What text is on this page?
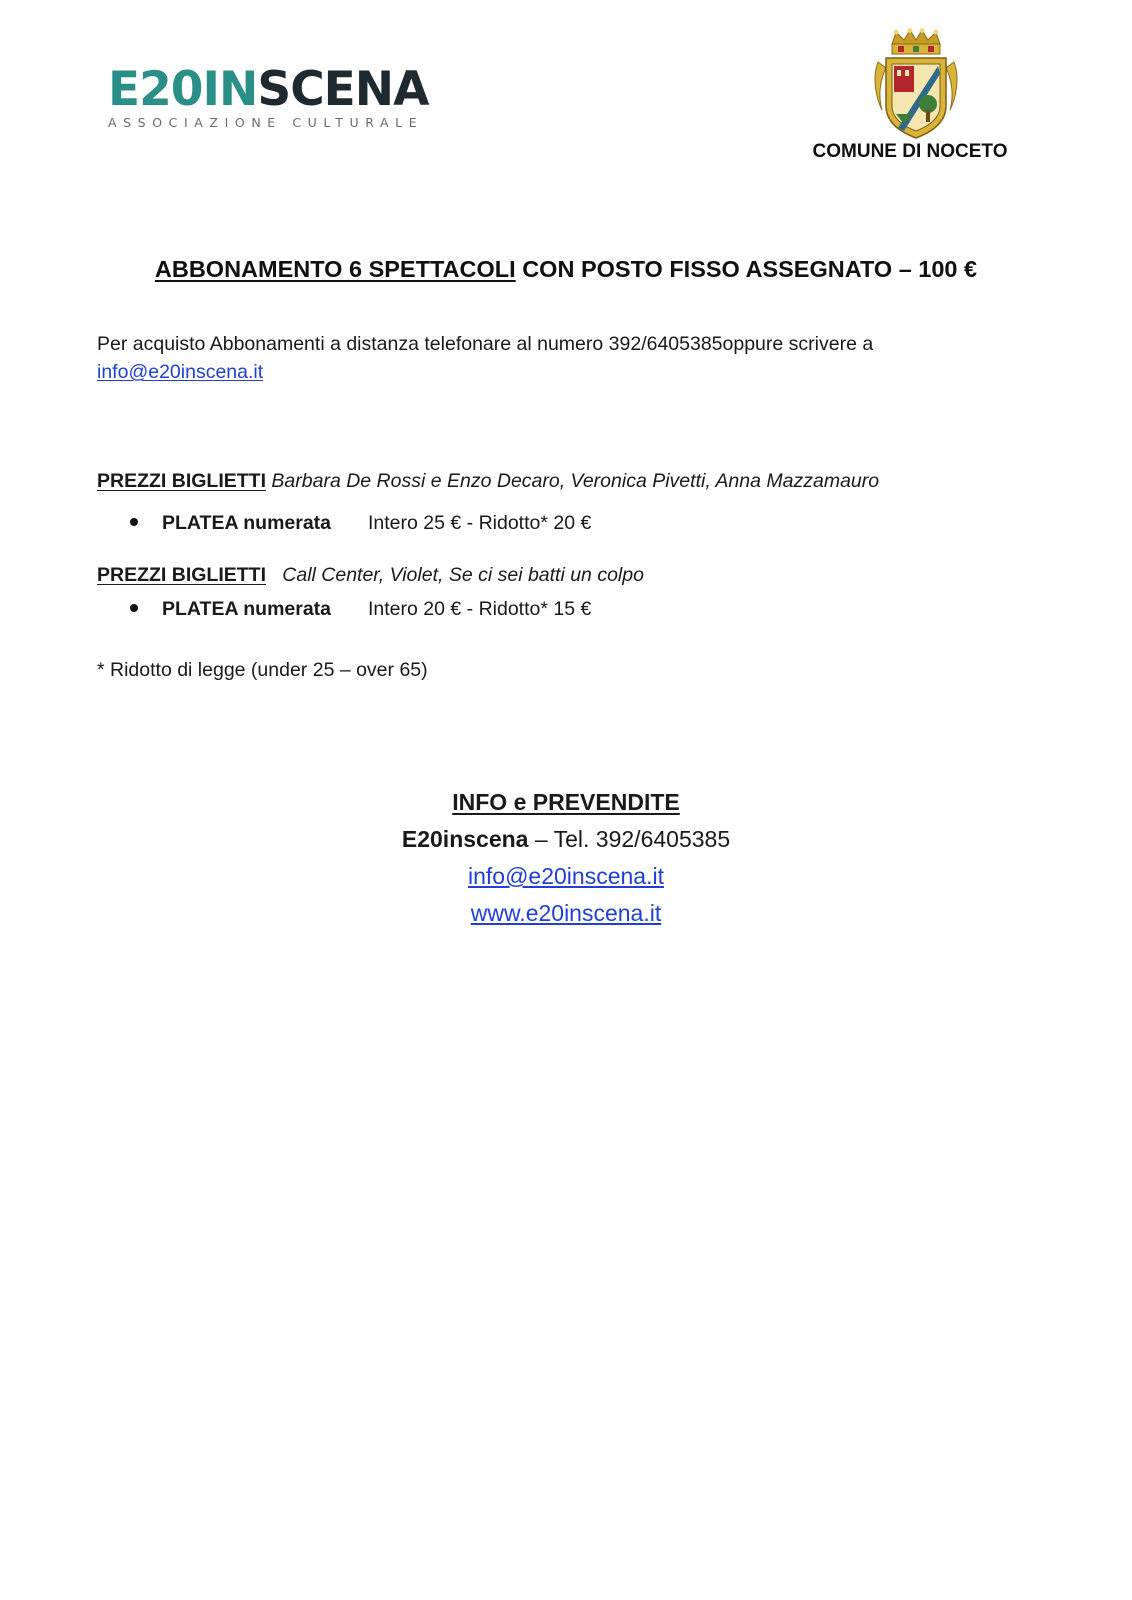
E20INSCENA
ASSOCIAZIONE CULTURALE
COMUNE DI NOCETO
ABBONAMENTO 6 SPETTACOLI CON POSTO FISSO ASSEGNATO – 100 €
Per acquisto Abbonamenti a distanza telefonare al numero 392/6405385oppure scrivere a
info@e20inscena.it
PREZZI BIGLIETTI Barbara De Rossi e Enzo Decaro, Veronica Pivetti, Anna Mazzamauro
PLATEA numerata Intero 25 € - Ridotto* 20 €
PREZZI BIGLIETTI Call Center, Violet, Se ci sei batti un colpo
PLATEA numerata Intero 20 € - Ridotto* 15 €
* Ridotto di legge (under 25 – over 65)
INFO e PREVENDITE
E20inscena – Tel. 392/6405385
info@e20inscena.it
www.e20inscena.it
